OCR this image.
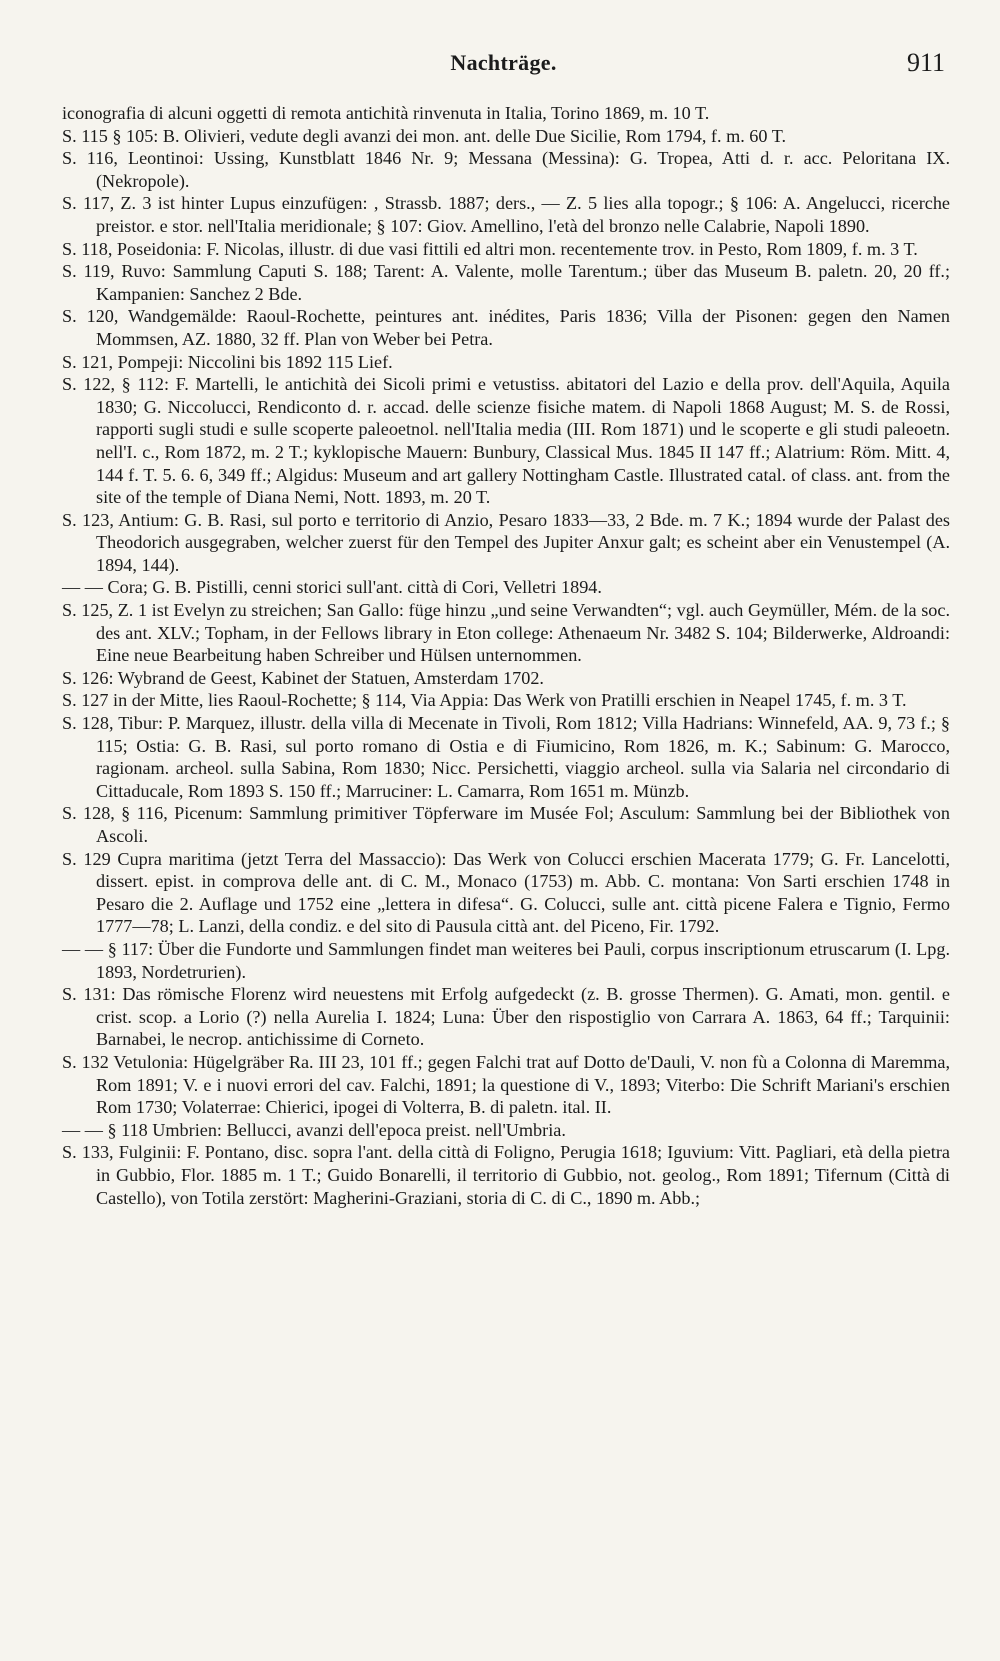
Nachträge.	911

iconografia di alcuni oggetti di remota antichità rinvenuta in Italia, Torino 1869, m. 10 T.

S. 115 § 105: B. Olivieri, vedute degli avanzi dei mon. ant. delle Due Sicilie, Rom 1794, f. m. 60 T.

S. 116, Leontinoi: Ussing, Kunstblatt 1846 Nr. 9; Messana (Messina): G. Tropea, Atti d. r. acc. Peloritana IX. (Nekropole).

S. 117, Z. 3 ist hinter Lupus einzufügen: , Strassb. 1887; ders., — Z. 5 lies alla topogr.; § 106: A. Angelucci, ricerche preistor. e stor. nell'Italia meridionale; § 107: Giov. Amellino, l'età del bronzo nelle Calabrie, Napoli 1890.

S. 118, Poseidonia: F. Nicolas, illustr. di due vasi fittili ed altri mon. recentemente trov. in Pesto, Rom 1809, f. m. 3 T.

S. 119, Ruvo: Sammlung Caputi S. 188; Tarent: A. Valente, molle Tarentum.; über das Museum B. paletn. 20, 20 ff.; Kampanien: Sanchez 2 Bde.

S. 120, Wandgemälde: Raoul-Rochette, peintures ant. inédites, Paris 1836; Villa der Pisonen: gegen den Namen Mommsen, AZ. 1880, 32 ff. Plan von Weber bei Petra.

S. 121, Pompeji: Niccolini bis 1892 115 Lief.

S. 122, § 112: F. Martelli, le antichità dei Sicoli primi e vetustiss. abitatori del Lazio e della prov. dell'Aquila, Aquila 1830; G. Niccolucci, Rendiconto d. r. accad. delle scienze fisiche matem. di Napoli 1868 August; M. S. de Rossi, rapporti sugli studi e sulle scoperte paleoetnol. nell'Italia media (III. Rom 1871) und le scoperte e gli studi paleoetn. nell'I. c., Rom 1872, m. 2 T.; kyklopische Mauern: Bunbury, Classical Mus. 1845 II 147 ff.; Alatrium: Röm. Mitt. 4, 144 f. T. 5. 6. 6, 349 ff.; Algidus: Museum and art gallery Nottingham Castle. Illustrated catal. of class. ant. from the site of the temple of Diana Nemi, Nott. 1893, m. 20 T.

S. 123, Antium: G. B. Rasi, sul porto e territorio di Anzio, Pesaro 1833—33, 2 Bde. m. 7 K.; 1894 wurde der Palast des Theodorich ausgegraben, welcher zuerst für den Tempel des Jupiter Anxur galt; es scheint aber ein Venustempel (A. 1894, 144).

— — Cora; G. B. Pistilli, cenni storici sull'ant. città di Cori, Velletri 1894.

S. 125, Z. 1 ist Evelyn zu streichen; San Gallo: füge hinzu „und seine Verwandten“; vgl. auch Geymüller, Mém. de la soc. des ant. XLV.; Topham, in der Fellows library in Eton college: Athenaeum Nr. 3482 S. 104; Bilderwerke, Aldroandi: Eine neue Bearbeitung haben Schreiber und Hülsen unternommen.

S. 126: Wybrand de Geest, Kabinet der Statuen, Amsterdam 1702.

S. 127 in der Mitte, lies Raoul-Rochette; § 114, Via Appia: Das Werk von Pratilli erschien in Neapel 1745, f. m. 3 T.

S. 128, Tibur: P. Marquez, illustr. della villa di Mecenate in Tivoli, Rom 1812; Villa Hadrians: Winnefeld, AA. 9, 73 f.; § 115; Ostia: G. B. Rasi, sul porto romano di Ostia e di Fiumicino, Rom 1826, m. K.; Sabinum: G. Marocco, ragionam. archeol. sulla Sabina, Rom 1830; Nicc. Persichetti, viaggio archeol. sulla via Salaria nel circondario di Cittaducale, Rom 1893 S. 150 ff.; Marruciner: L. Camarra, Rom 1651 m. Münzb.

S. 128, § 116, Picenum: Sammlung primitiver Töpferware im Musée Fol; Asculum: Sammlung bei der Bibliothek von Ascoli.

S. 129 Cupra maritima (jetzt Terra del Massaccio): Das Werk von Colucci erschien Macerata 1779; G. Fr. Lancelotti, dissert. epist. in comprova delle ant. di C. M., Monaco (1753) m. Abb. C. montana: Von Sarti erschien 1748 in Pesaro die 2. Auflage und 1752 eine „lettera in difesa“. G. Colucci, sulle ant. città picene Falera e Tignio, Fermo 1777—78; L. Lanzi, della condiz. e del sito di Pausula città ant. del Piceno, Fir. 1792.

— — § 117: Über die Fundorte und Sammlungen findet man weiteres bei Pauli, corpus inscriptionum etruscarum (I. Lpg. 1893, Nordetrurien).

S. 131: Das römische Florenz wird neuestens mit Erfolg aufgedeckt (z. B. grosse Thermen). G. Amati, mon. gentil. e crist. scop. a Lorio (?) nella Aurelia I. 1824; Luna: Über den rispostiglio von Carrara A. 1863, 64 ff.; Tarquinii: Barnabei, le necrop. antichissime di Corneto.

S. 132 Vetulonia: Hügelgräber Ra. III 23, 101 ff.; gegen Falchi trat auf Dotto de'Dauli, V. non fù a Colonna di Maremma, Rom 1891; V. e i nuovi errori del cav. Falchi, 1891; la questione di V., 1893; Viterbo: Die Schrift Mariani's erschien Rom 1730; Volaterrae: Chierici, ipogei di Volterra, B. di paletn. ital. II.

— — § 118 Umbrien: Bellucci, avanzi dell'epoca preist. nell'Umbria.

S. 133, Fulginii: F. Pontano, disc. sopra l'ant. della città di Foligno, Perugia 1618; Iguvium: Vitt. Pagliari, età della pietra in Gubbio, Flor. 1885 m. 1 T.; Guido Bonarelli, il territorio di Gubbio, not. geolog., Rom 1891; Tifernum (Città di Castello), von Totila zerstört: Magherini-Graziani, storia di C. di C., 1890 m. Abb.;
